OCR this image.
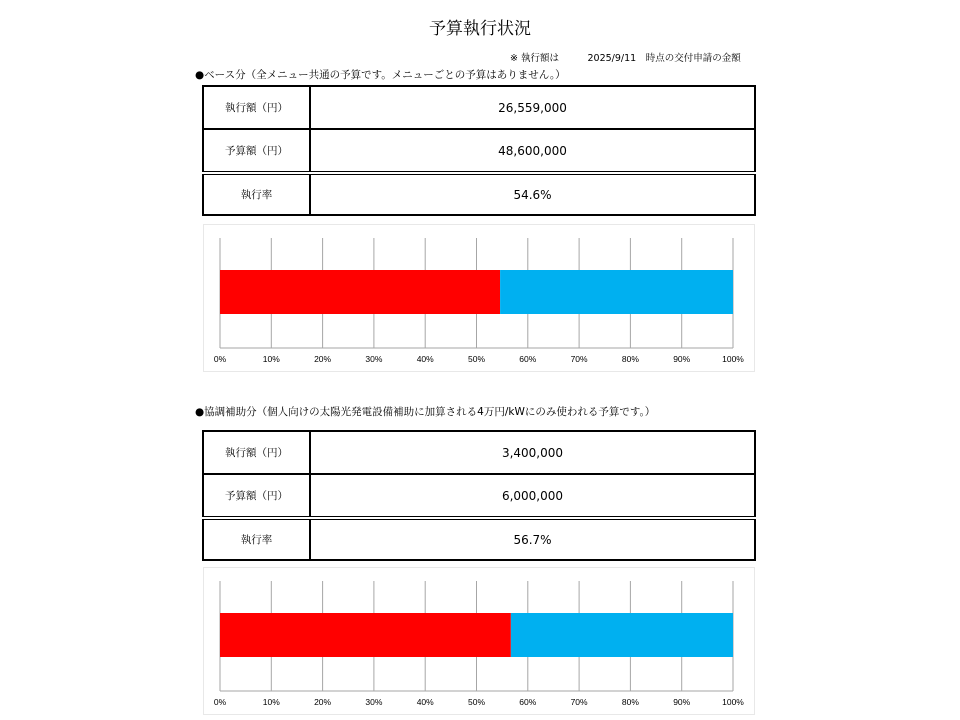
予算執行状況
※ 執行額は　　　2025/9/11　時点の交付申請の金額
●ベース分（全メニュー共通の予算です。メニューごとの予算はありません。）
執行額（円）	26,559,000
予算額（円）	48,600,000
執行率	54.6%
0%	10%	20%	30%	40%	50%	60%	70%	80%	90%	100%
●協調補助分（個人向けの太陽光発電設備補助に加算される4万円/kWにのみ使われる予算です。）
執行額（円）	3,400,000
予算額（円）	6,000,000
執行率	56.7%
0%	10%	20%	30%	40%	50%	60%	70%	80%	90%	100%
